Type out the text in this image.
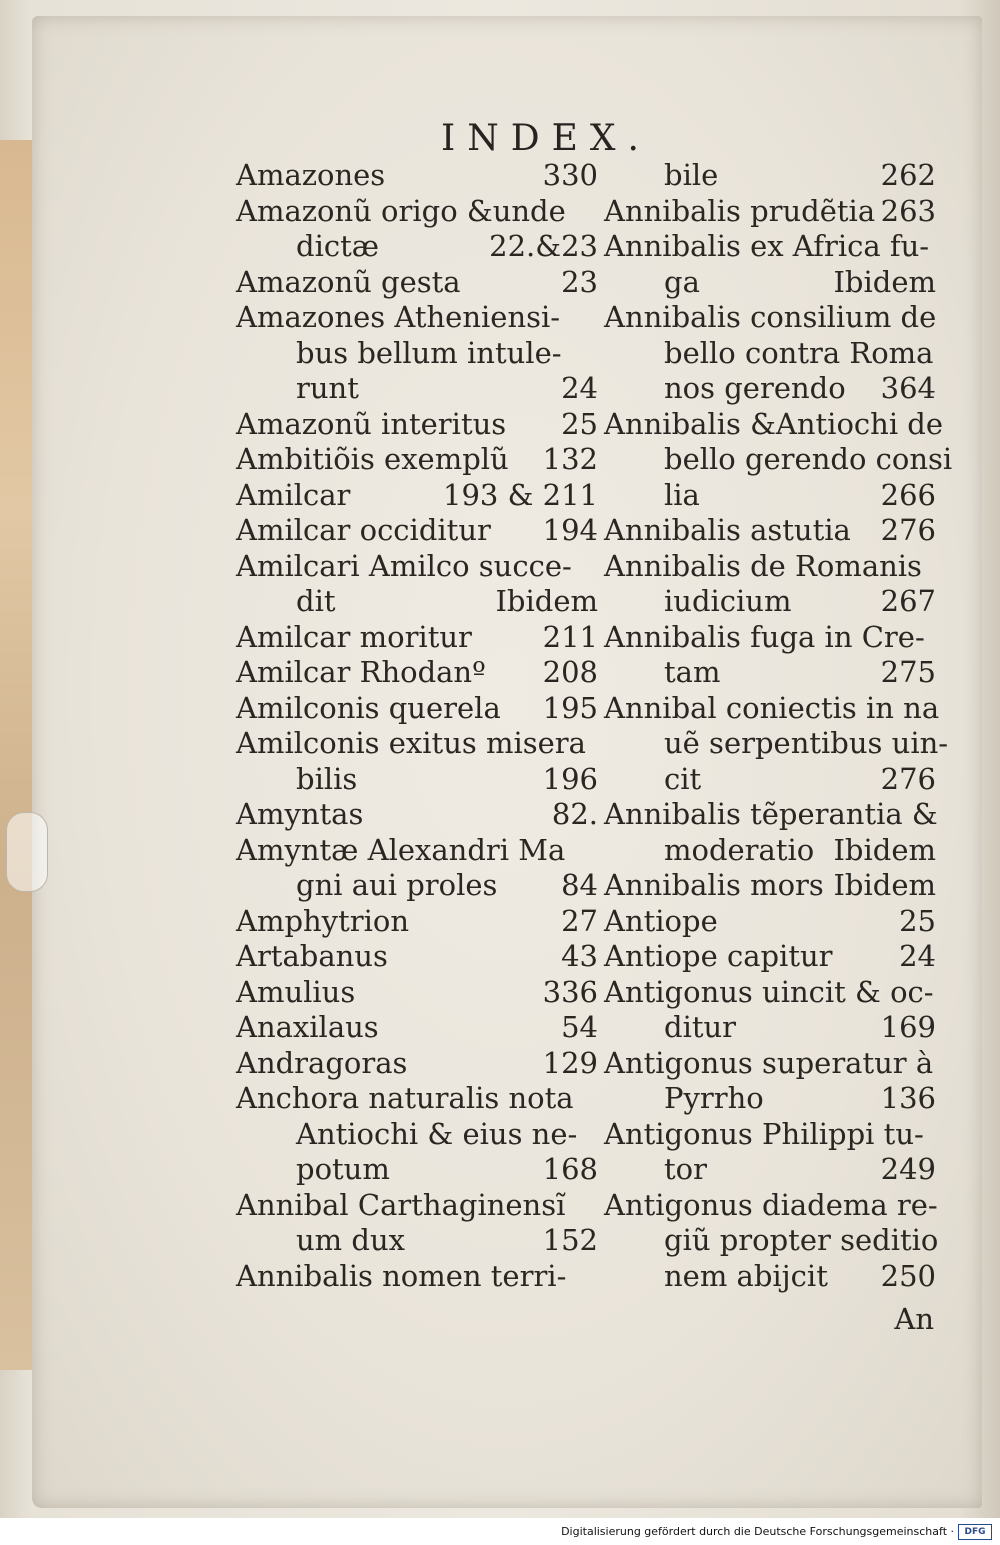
INDEX.
Amazones	330
Amazonũ origo &unde
dictæ	22.&23
Amazonũ gesta	23
Amazones Atheniensi-
bus bellum intule-
runt	24
Amazonũ interitus 25
Ambitiõis exemplũ 132
Amilcar	193 & 211
Amilcar occiditur 194
Amilcari Amilco succe-
dit	Ibidem
Amilcar moritur 211
Amilcar Rhodanº 208
Amilconis querela 195
Amilconis exitus misera
bilis	196
Amyntas	82.
Amyntæ Alexandri Ma
gni aui proles 84
Amphytrion	27
Artabanus	43
Amulius	336
Anaxilaus	54
Andragoras	129
Anchora naturalis nota
Antiochi & eius ne-
potum	168
Annibal Carthaginensĩ
um dux	152
Annibalis nomen terri-
bile	262
Annibalis prudẽtia 263
Annibalis ex Africa fu-
ga	Ibidem
Annibalis consilium de
bello contra Roma
nos gerendo 364
Annibalis &Antiochi de
bello gerendo consi
lia	266
Annibalis astutia 276
Annibalis de Romanis
iudicium	267
Annibalis fuga in Cre-
tam	275
Annibal coniectis in na
uẽ serpentibus uin-
cit	276
Annibalis tẽperantia &
moderatio Ibidem
Annibalis mors Ibidem
Antiope	25
Antiope capitur 24
Antigonus uincit & oc-
ditur	169
Antigonus superatur à
Pyrrho	136
Antigonus Philippi tu-
tor	249
Antigonus diadema re-
giũ propter seditio
nem abijcit 250
An
Digitalisierung gefördert durch die Deutsche Forschungsgemeinschaft ·	DFG
